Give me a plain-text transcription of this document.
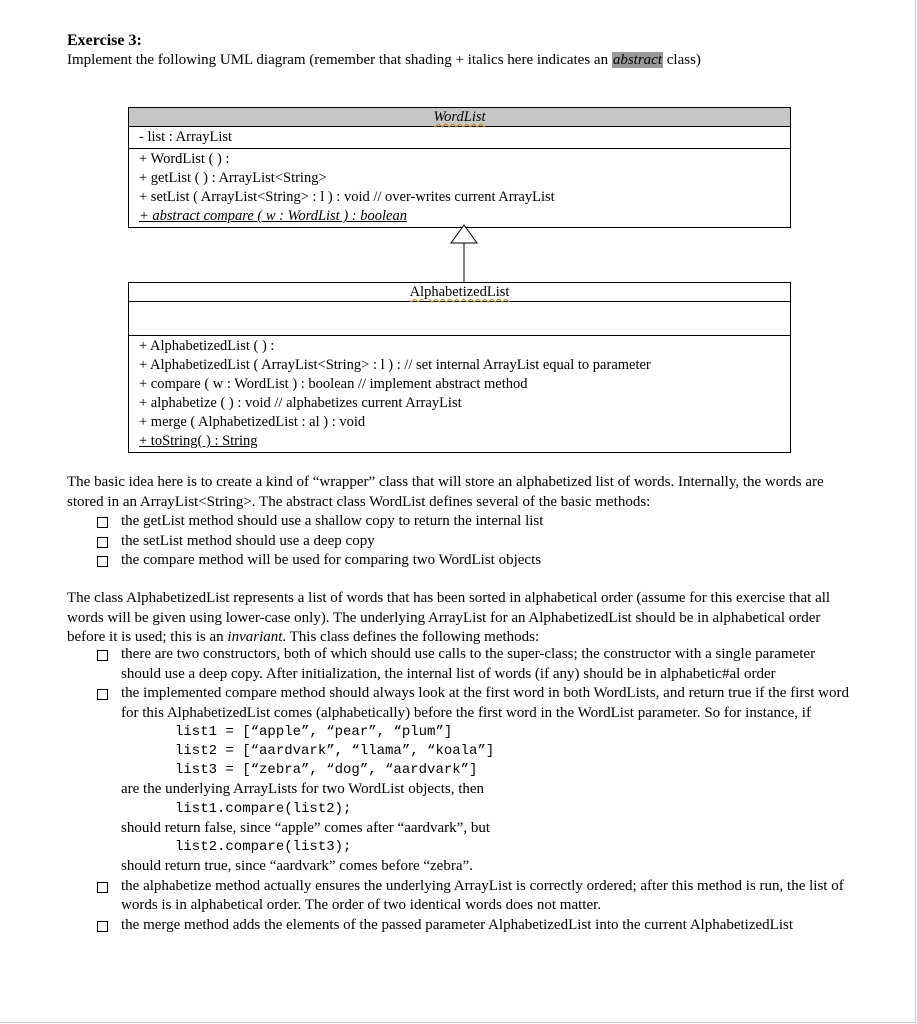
Exercise 3:
Implement the following UML diagram (remember that shading + italics here indicates an abstract class)
WordList
- list : ArrayList
+ WordList ( ) :
+ getList ( ) : ArrayList<String>
+ setList ( ArrayList<String> : l ) : void // over-writes current ArrayList
+ abstract compare ( w : WordList ) : boolean
AlphabetizedList
+ AlphabetizedList ( ) :
+ AlphabetizedList ( ArrayList<String> : l ) : // set internal ArrayList equal to parameter
+ compare ( w : WordList ) : boolean // implement abstract method
+ alphabetize ( ) : void // alphabetizes current ArrayList
+ merge ( AlphabetizedList : al ) : void
+ toString( ) : String
The basic idea here is to create a kind of “wrapper” class that will store an alphabetized list of words. Internally, the words are stored in an ArrayList<String>. The abstract class WordList defines several of the basic methods:
the getList method should use a shallow copy to return the internal list
the setList method should use a deep copy
the compare method will be used for comparing two WordList objects
The class AlphabetizedList represents a list of words that has been sorted in alphabetical order (assume for this exercise that all words will be given using lower-case only). The underlying ArrayList for an AlphabetizedList should be in alphabetical order before it is used; this is an invariant. This class defines the following methods:
there are two constructors, both of which should use calls to the super-class; the constructor with a single parameter should use a deep copy. After initialization, the internal list of words (if any) should be in alphabetic#al order
the implemented compare method should always look at the first word in both WordLists, and return true if the first word for this AlphabetizedList comes (alphabetically) before the first word in the WordList parameter. So for instance, if
list1 = [“apple”, “pear”, “plum”]
list2 = [“aardvark”, “llama”, “koala”]
list3 = [“zebra”, “dog”, “aardvark”]
are the underlying ArrayLists for two WordList objects, then
list1.compare(list2);
should return false, since “apple” comes after “aardvark”, but
list2.compare(list3);
should return true, since “aardvark” comes before “zebra”.
the alphabetize method actually ensures the underlying ArrayList is correctly ordered; after this method is run, the list of words is in alphabetical order. The order of two identical words does not matter.
the merge method adds the elements of the passed parameter AlphabetizedList into the current AlphabetizedList
